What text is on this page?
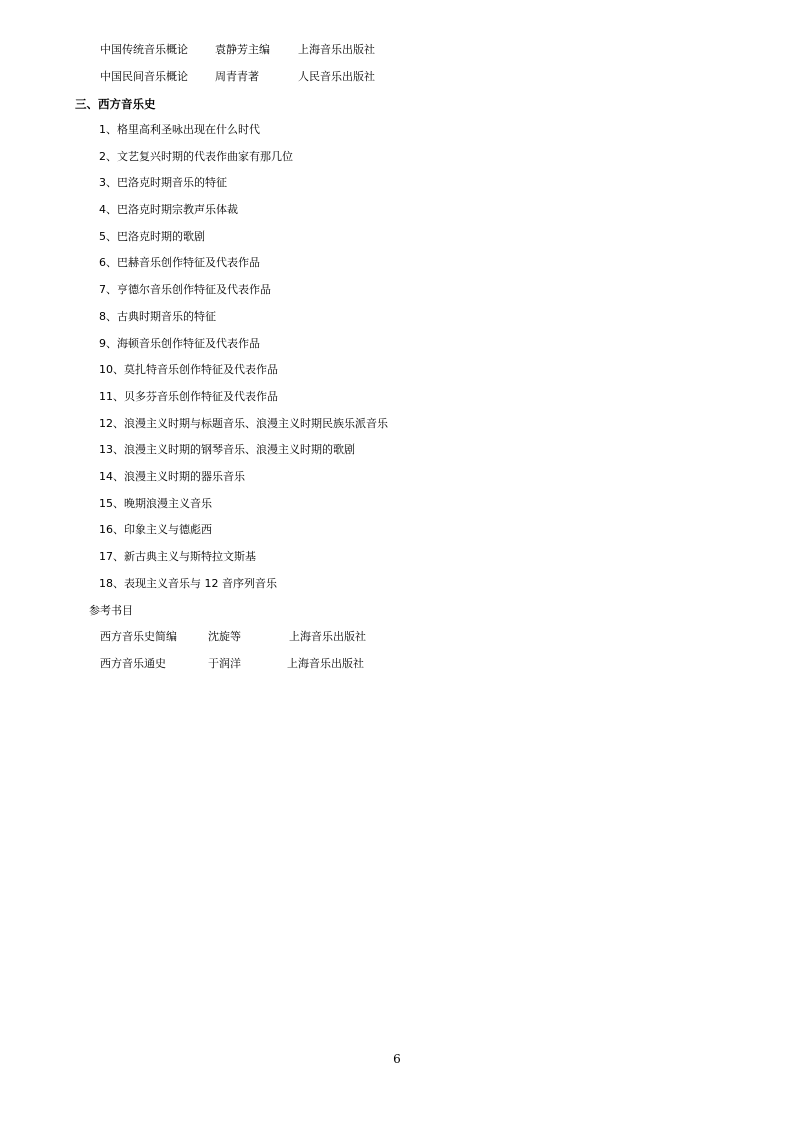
中国传统音乐概论 袁静芳主编	上海音乐出版社
中国民间音乐概论 周青青著	人民音乐出版社
三、西方音乐史
1、格里高利圣咏出现在什么时代
2、文艺复兴时期的代表作曲家有那几位
3、巴洛克时期音乐的特征
4、巴洛克时期宗教声乐体裁
5、巴洛克时期的歌剧
6、巴赫音乐创作特征及代表作品
7、亨德尔音乐创作特征及代表作品
8、古典时期音乐的特征
9、海顿音乐创作特征及代表作品
10、莫扎特音乐创作特征及代表作品
11、贝多芬音乐创作特征及代表作品
12、浪漫主义时期与标题音乐、浪漫主义时期民族乐派音乐
13、浪漫主义时期的钢琴音乐、浪漫主义时期的歌剧
14、浪漫主义时期的器乐音乐
15、晚期浪漫主义音乐
16、印象主义与德彪西
17、新古典主义与斯特拉文斯基
18、表现主义音乐与 12 音序列音乐
参考书目
西方音乐史简编	沈旋等	上海音乐出版社
西方音乐通史	于润洋	上海音乐出版社
6
